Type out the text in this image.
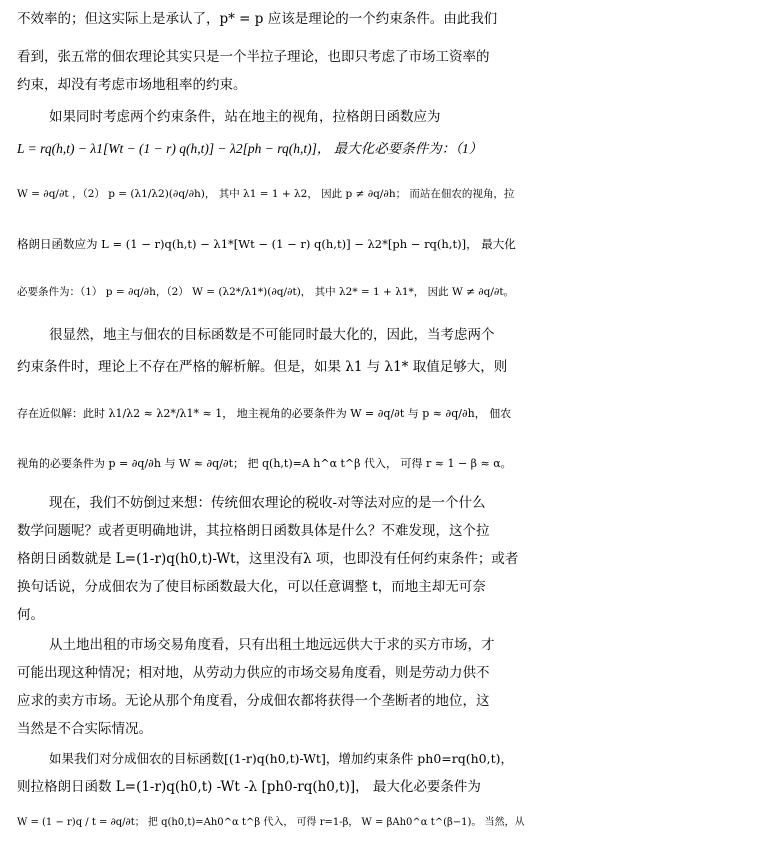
不效率的；但这实际上是承认了，p* = p 应该是理论的一个约束条件。由此我们
看到，张五常的佃农理论其实只是一个半拉子理论，也即只考虑了市场工资率的
约束，却没有考虑市场地租率的约束。
如果同时考虑两个约束条件，站在地主的视角，拉格朗日函数应为
L = rq(h,t) − λ1[Wt − (1 − r) q(h,t)] − λ2[ph − rq(h,t)]， 最大化必要条件为：（1）
W = ∂q/∂t ，（2） p = (λ1/λ2)(∂q/∂h)， 其中 λ1 = 1 + λ2， 因此 p ≠ ∂q/∂h； 而站在佃农的视角，拉
格朗日函数应为 L = (1 − r)q(h,t) − λ1*[Wt − (1 − r) q(h,t)] − λ2*[ph − rq(h,t)]， 最大化
必要条件为：（1） p = ∂q/∂h，（2） W = (λ2*/λ1*)(∂q/∂t)， 其中 λ2* = 1 + λ1*， 因此 W ≠ ∂q/∂t。
很显然，地主与佃农的目标函数是不可能同时最大化的，因此，当考虑两个
约束条件时，理论上不存在严格的解析解。但是，如果 λ1 与 λ1* 取值足够大，则
存在近似解：此时 λ1/λ2 ≈ λ2*/λ1* ≈ 1， 地主视角的必要条件为 W = ∂q/∂t 与 p ≈ ∂q/∂h， 佃农
视角的必要条件为 p = ∂q/∂h 与 W ≈ ∂q/∂t； 把 q(h,t)=A h^α t^β 代入， 可得 r ≈ 1 − β ≈ α。
现在，我们不妨倒过来想：传统佃农理论的税收-对等法对应的是一个什么
数学问题呢？或者更明确地讲，其拉格朗日函数具体是什么？不难发现，这个拉
格朗日函数就是 L=(1-r)q(h0,t)-Wt，这里没有λ 项，也即没有任何约束条件；或者
换句话说，分成佃农为了使目标函数最大化，可以任意调整 t，而地主却无可奈
何。
从土地出租的市场交易角度看，只有出租土地远远供大于求的买方市场，才
可能出现这种情况；相对地，从劳动力供应的市场交易角度看，则是劳动力供不
应求的卖方市场。无论从那个角度看，分成佃农都将获得一个垄断者的地位，这
当然是不合实际情况。
如果我们对分成佃农的目标函数[(1-r)q(h0,t)-Wt]，增加约束条件 ph0=rq(h0,t)，
则拉格朗日函数 L=(1-r)q(h0,t) -Wt -λ [ph0-rq(h0,t)]， 最大化必要条件为
W = (1 − r)q / t = ∂q/∂t； 把 q(h0,t)=Ah0^α t^β 代入， 可得 r=1-β， W = βAh0^α t^(β−1)。 当然，从
